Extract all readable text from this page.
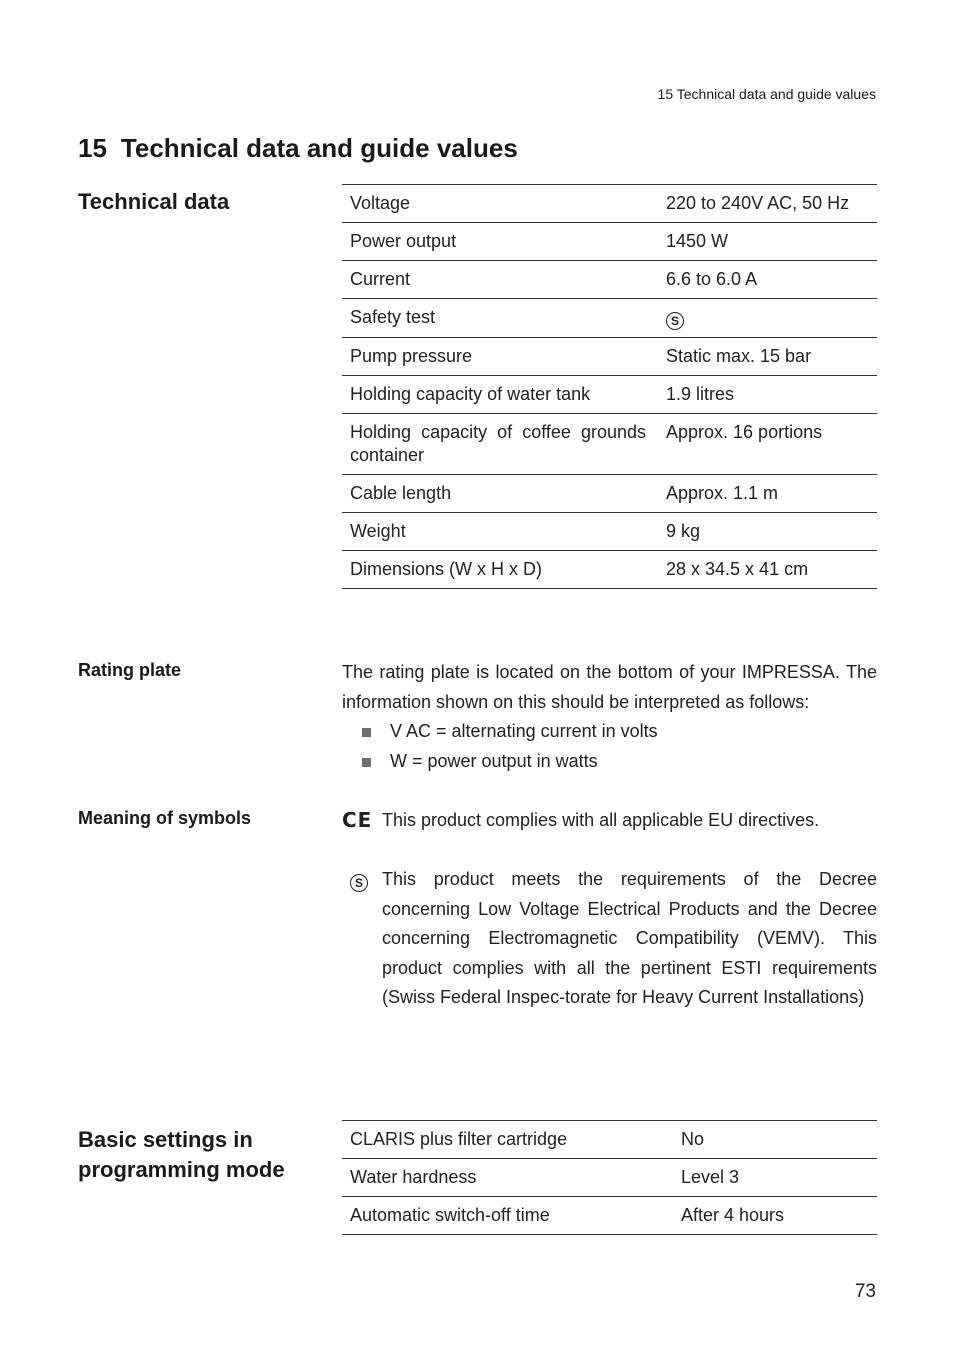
15 Technical data and guide values
15 Technical data and guide values
Technical data	Voltage	220 to 240V AC, 50 Hz
Power output	1450 W
Current	6.6 to 6.0 A
Safety test	S
Pump pressure	Static max. 15 bar
Holding capacity of water tank	1.9 litres
Holding capacity of coffee grounds container	Approx. 16 portions
Cable length	Approx. 1.1 m
Weight	9 kg
Dimensions (W x H x D)	28 x 34.5 x 41 cm
Rating plate	The rating plate is located on the bottom of your IMPRESSA. The information shown on this should be interpreted as follows:

V AC = alternating current in volts
W = power output in watts
Meaning of symbols	CE This product complies with all applicable EU directives.
S	This product meets the requirements of the Decree concerning Low Voltage Electrical Products and the Decree concerning Electromagnetic Compatibility (VEMV). This product complies with all the pertinent ESTI requirements (Swiss Federal Inspec-torate for Heavy Current Installations)
Basic settings in programming mode
CLARIS plus filter cartridge	No
Water hardness	Level 3
Automatic switch-off time	After 4 hours
73
